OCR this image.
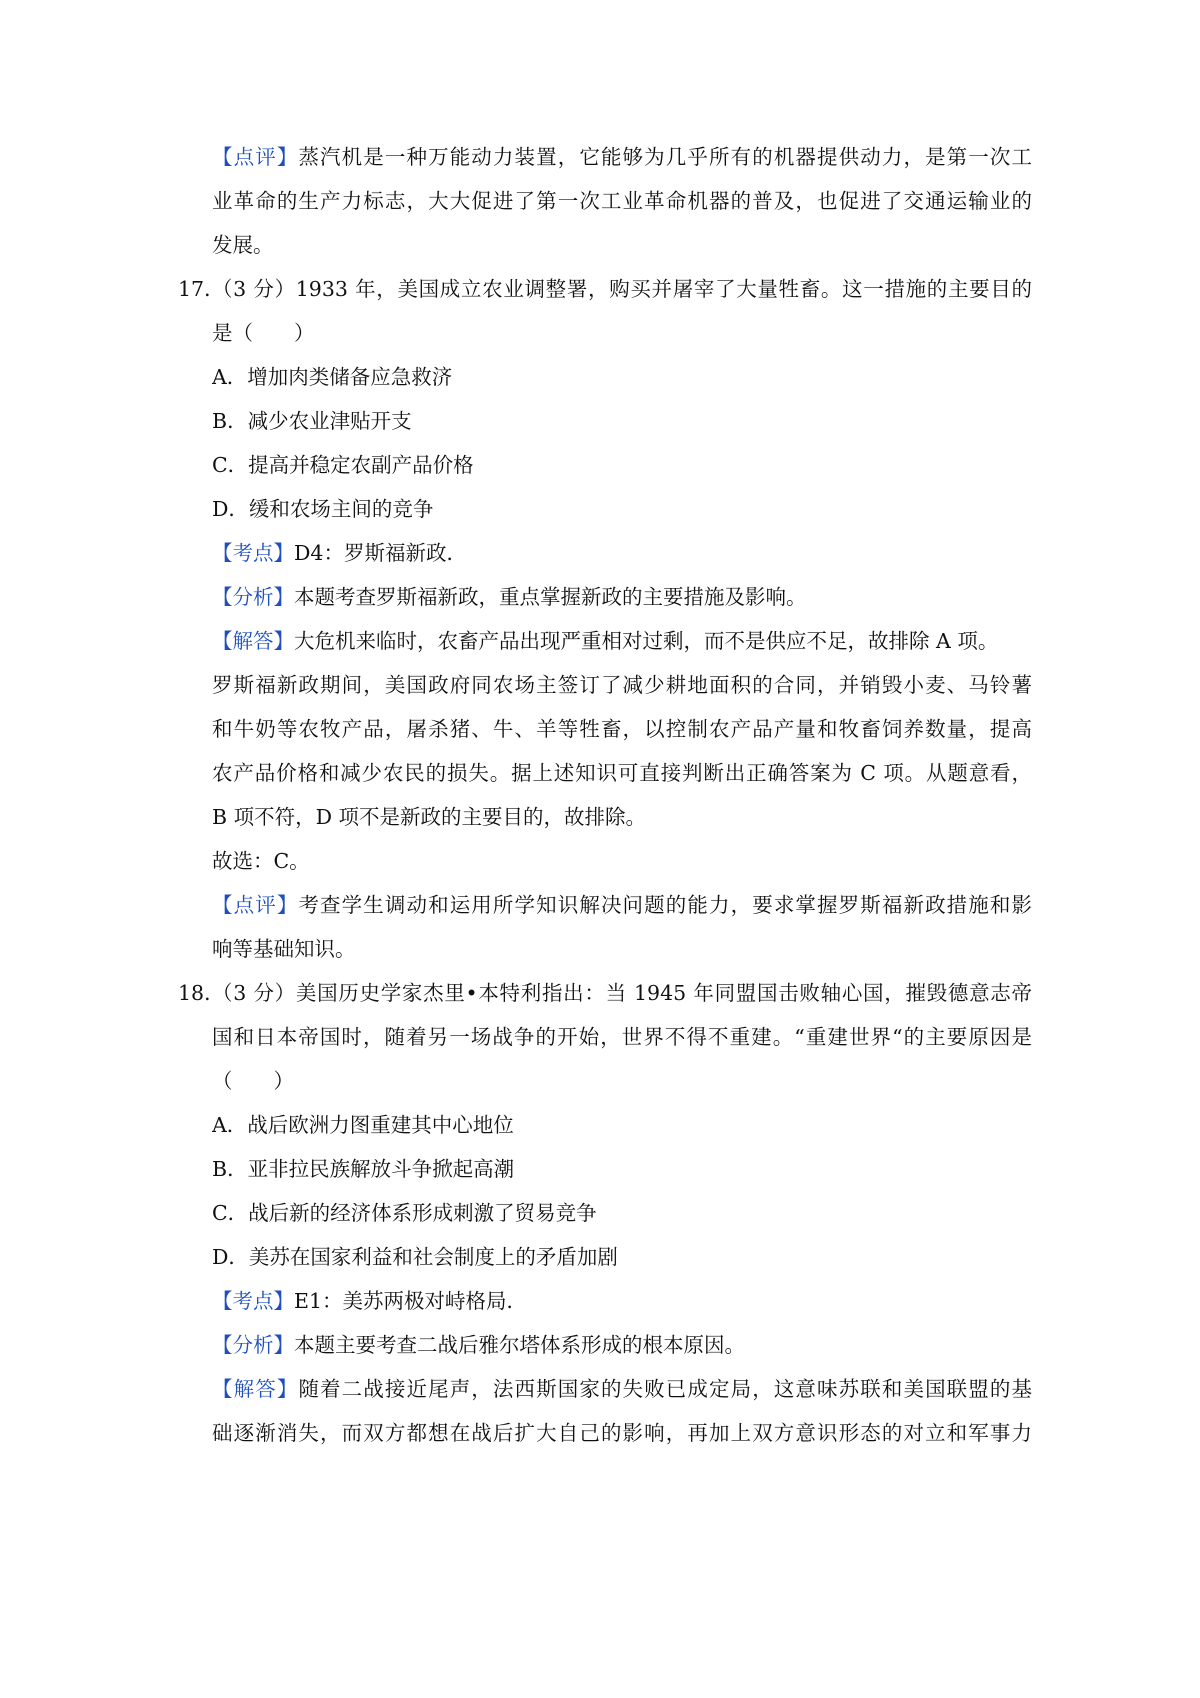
【点评】蒸汽机是一种万能动力装置，它能够为几乎所有的机器提供动力，是第一次工
业革命的生产力标志，大大促进了第一次工业革命机器的普及，也促进了交通运输业的
发展。
17．
（3 分）1933 年，美国成立农业调整署，购买并屠宰了大量牲畜。这一措施的主要目的
是（　　）
A．增加肉类储备应急救济
B．减少农业津贴开支
C．提高并稳定农副产品价格
D．缓和农场主间的竞争
【考点】D4：罗斯福新政．
【分析】本题考查罗斯福新政，重点掌握新政的主要措施及影响。
【解答】大危机来临时，农畜产品出现严重相对过剩，而不是供应不足，故排除 A 项。
罗斯福新政期间，美国政府同农场主签订了减少耕地面积的合同，并销毁小麦、马铃薯
和牛奶等农牧产品，屠杀猪、牛、羊等牲畜，以控制农产品产量和牧畜饲养数量，提高
农产品价格和减少农民的损失。据上述知识可直接判断出正确答案为 C 项。从题意看，
B 项不符，D 项不是新政的主要目的，故排除。
故选：C。
【点评】考查学生调动和运用所学知识解决问题的能力，要求掌握罗斯福新政措施和影
响等基础知识。
18．
（3 分）美国历史学家杰里•本特利指出：当 1945 年同盟国击败轴心国，摧毁德意志帝
国和日本帝国时，随着另一场战争的开始，世界不得不重建。“重建世界“的主要原因是
（　　）
A．战后欧洲力图重建其中心地位
B．亚非拉民族解放斗争掀起高潮
C．战后新的经济体系形成刺激了贸易竞争
D．美苏在国家利益和社会制度上的矛盾加剧
【考点】E1：美苏两极对峙格局．
【分析】本题主要考查二战后雅尔塔体系形成的根本原因。
【解答】随着二战接近尾声，法西斯国家的失败已成定局，这意味苏联和美国联盟的基
础逐渐消失，而双方都想在战后扩大自己的影响，再加上双方意识形态的对立和军事力
